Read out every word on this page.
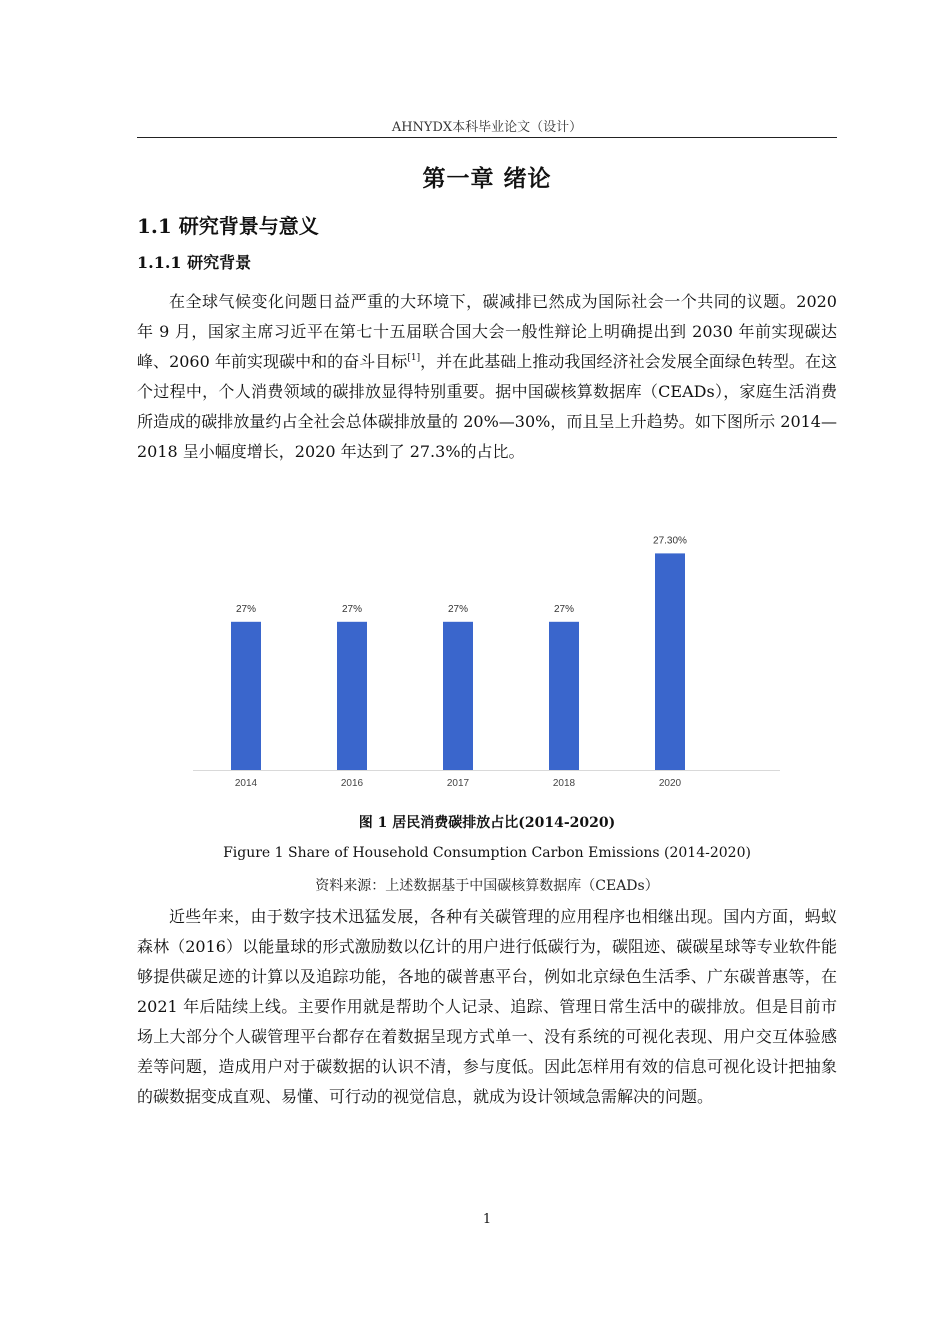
AHNYDX本科毕业论文（设计）
第一章 绪论
1.1 研究背景与意义
1.1.1 研究背景

在全球气候变化问题日益严重的大环境下，碳减排已然成为国际社会一个共同的议题。2020 年 9 月，国家主席习近平在第七十五届联合国大会一般性辩论上明确提出到 2030 年前实现碳达峰、2060 年前实现碳中和的奋斗目标[1]，并在此基础上推动我国经济社会发展全面绿色转型。在这个过程中，个人消费领域的碳排放显得特别重要。据中国碳核算数据库（CEADs），家庭生活消费所造成的碳排放量约占全社会总体碳排放量的 20%—30%，而且呈上升趋势。如下图所示 2014—2018 呈小幅度增长，2020 年达到了 27.3%的占比。

27%
2014
27%
2016
27%
2017
27%
2018
27.30%
2020
图 1 居民消费碳排放占比(2014-2020)
Figure 1 Share of Household Consumption Carbon Emissions (2014-2020)
资料来源：上述数据基于中国碳核算数据库（CEADs）

近些年来，由于数字技术迅猛发展，各种有关碳管理的应用程序也相继出现。国内方面，蚂蚁森林（2016）以能量球的形式激励数以亿计的用户进行低碳行为，碳阻迹、碳碳星球等专业软件能够提供碳足迹的计算以及追踪功能，各地的碳普惠平台，例如北京绿色生活季、广东碳普惠等，在 2021 年后陆续上线。主要作用就是帮助个人记录、追踪、管理日常生活中的碳排放。但是目前市场上大部分个人碳管理平台都存在着数据呈现方式单一、没有系统的可视化表现、用户交互体验感差等问题，造成用户对于碳数据的认识不清，参与度低。因此怎样用有效的信息可视化设计把抽象的碳数据变成直观、易懂、可行动的视觉信息，就成为设计领域急需解决的问题。

1
